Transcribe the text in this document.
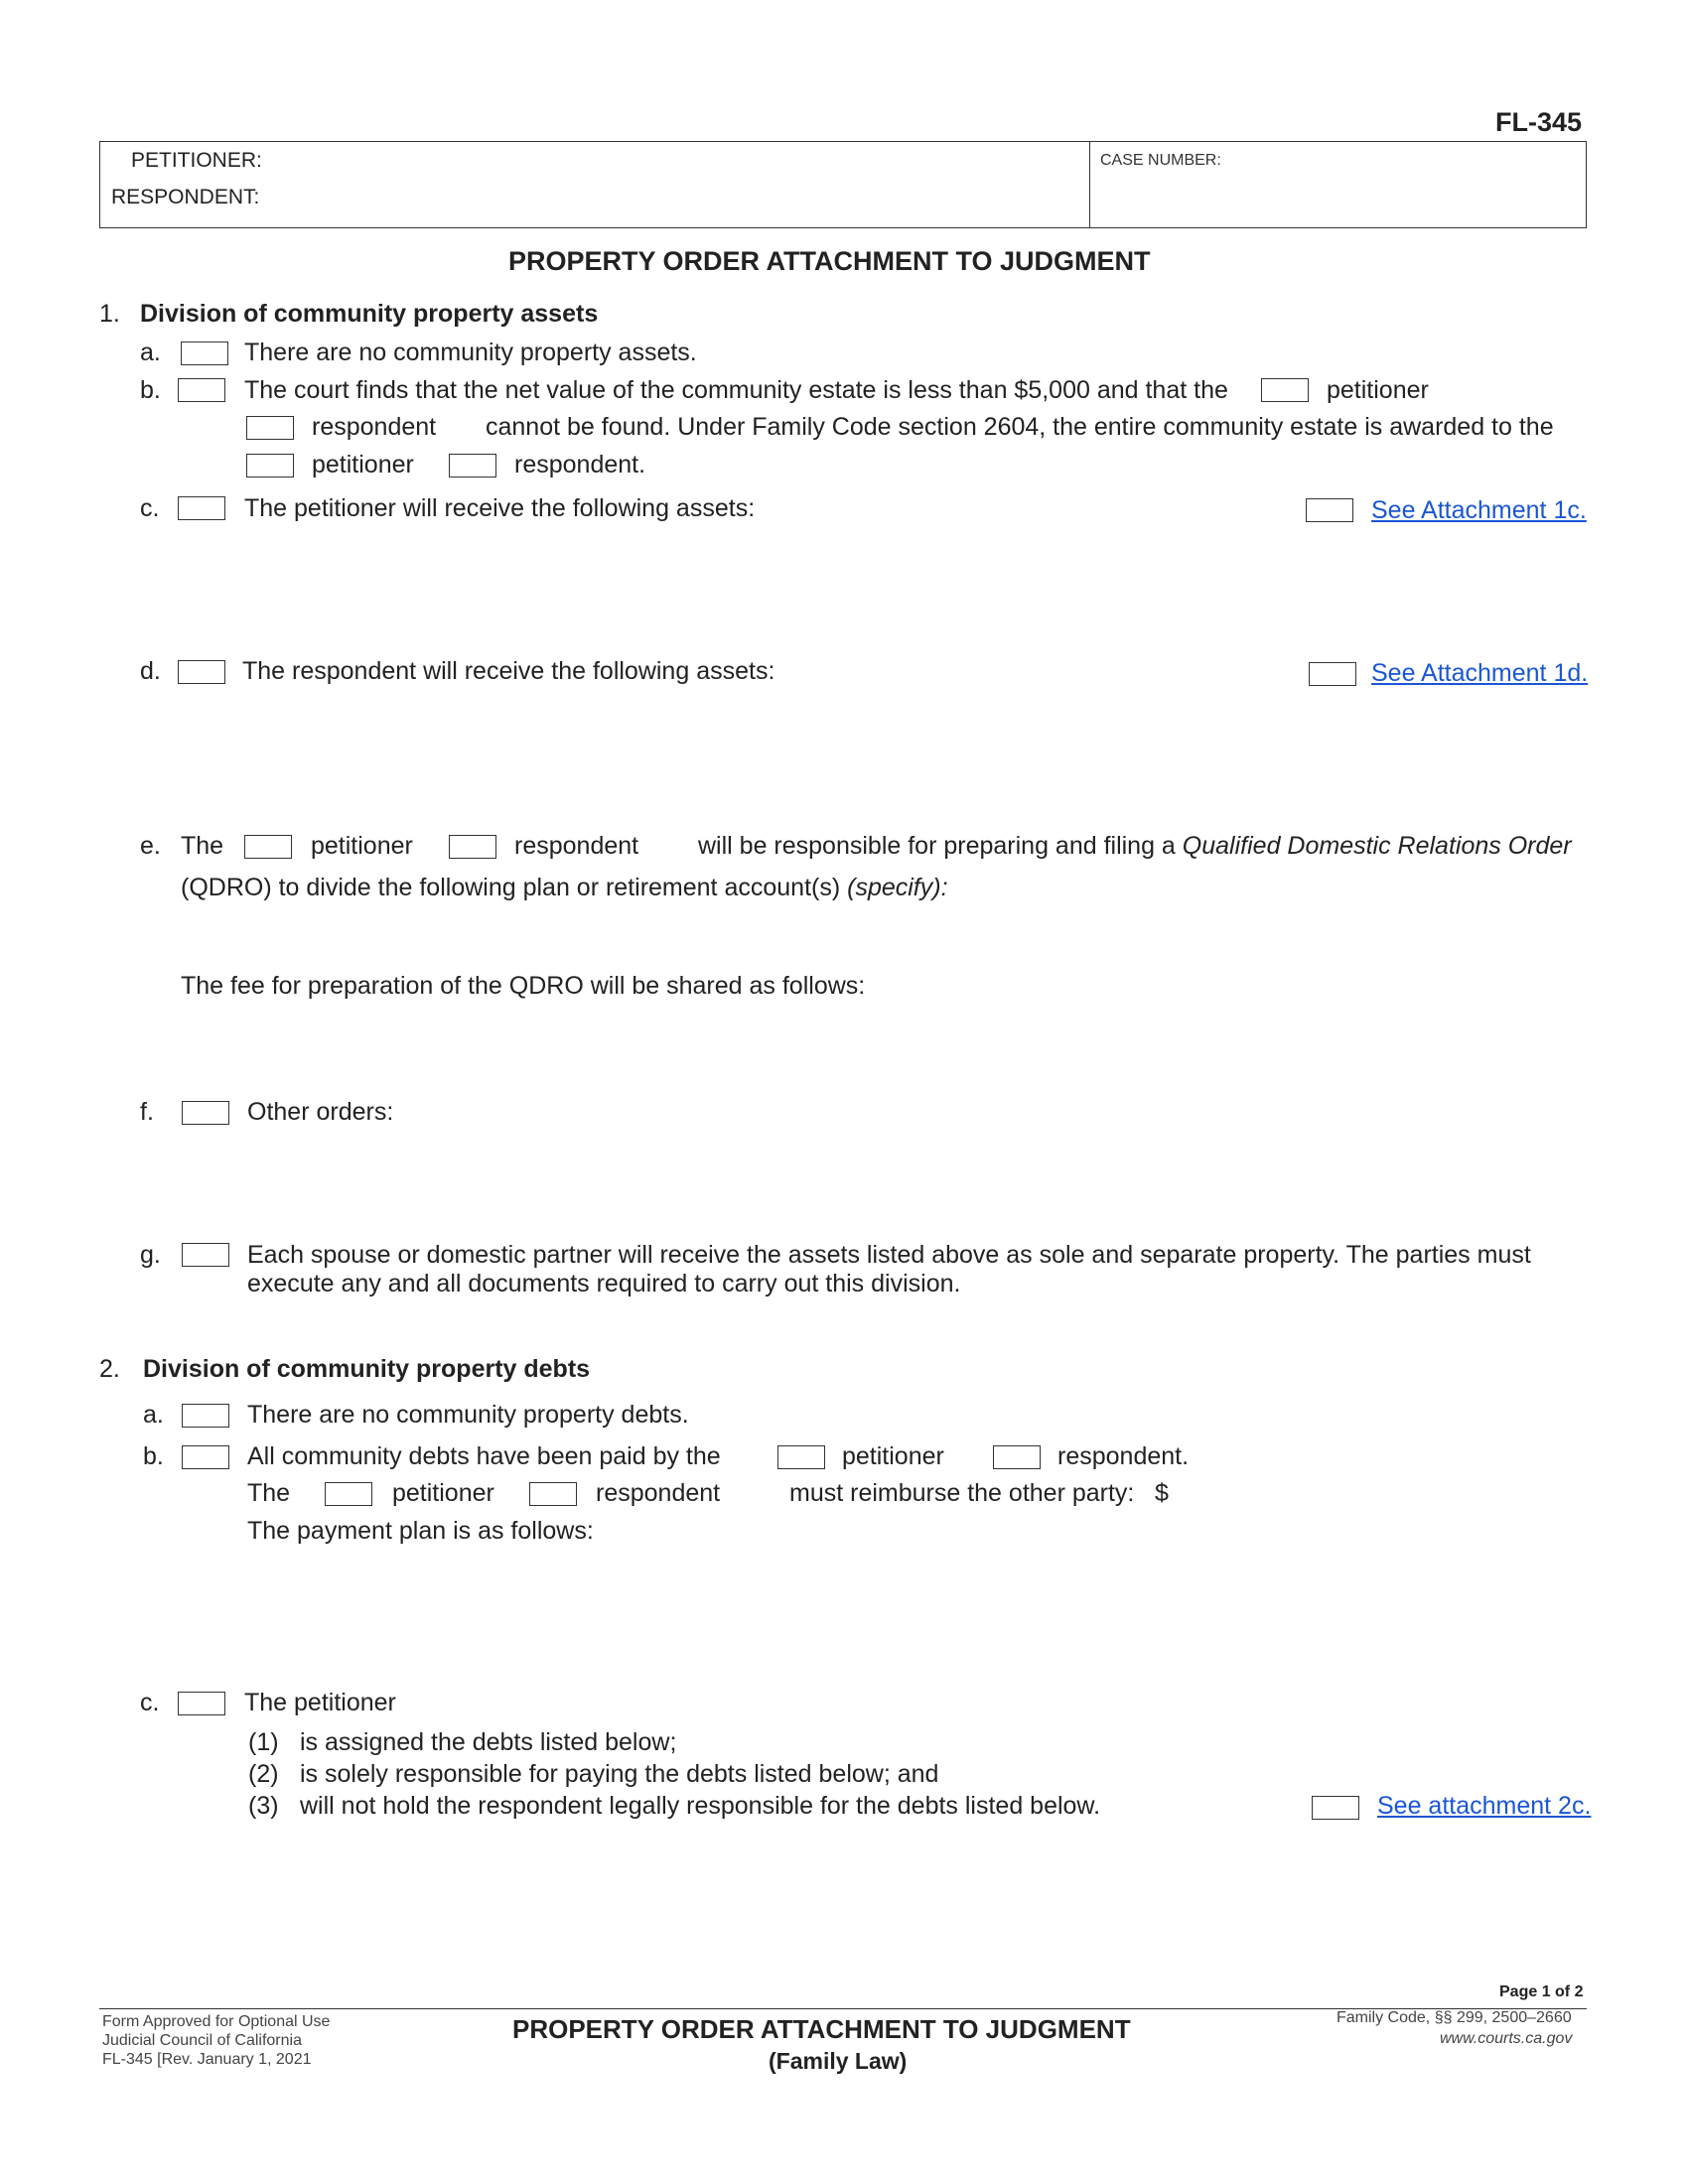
FL-345
PETITIONER:
RESPONDENT:
CASE NUMBER:
PROPERTY ORDER ATTACHMENT TO JUDGMENT
1. Division of community property assets
a.	There are no community property assets.
b.	The court finds that the net value of the community estate is less than $5,000 and that the	petitioner
respondent cannot be found. Under Family Code section 2604, the entire community estate is awarded to the
petitioner	respondent.
c.	The petitioner will receive the following assets:	See Attachment 1c.
d.	The respondent will receive the following assets:	See Attachment 1d.
e. The	petitioner	respondent will be responsible for preparing and filing a Qualified Domestic Relations Order
(QDRO) to divide the following plan or retirement account(s) (specify):
The fee for preparation of the QDRO will be shared as follows:
f.	Other orders:
g.	Each spouse or domestic partner will receive the assets listed above as sole and separate property. The parties must
execute any and all documents required to carry out this division.
2. Division of community property debts
a.	There are no community property debts.
b.	All community debts have been paid by the	petitioner	respondent.
The	petitioner	respondent	must reimburse the other party: $
The payment plan is as follows:
c.	The petitioner
(1) is assigned the debts listed below;
(2) is solely responsible for paying the debts listed below; and
(3) will not hold the respondent legally responsible for the debts listed below.	See attachment 2c.
Page 1 of 2
Form Approved for Optional Use
Judicial Council of California
FL-345 [Rev. January 1, 2021
PROPERTY ORDER ATTACHMENT TO JUDGMENT
(Family Law)
Family Code, §§ 299, 2500–2660
www.courts.ca.gov
